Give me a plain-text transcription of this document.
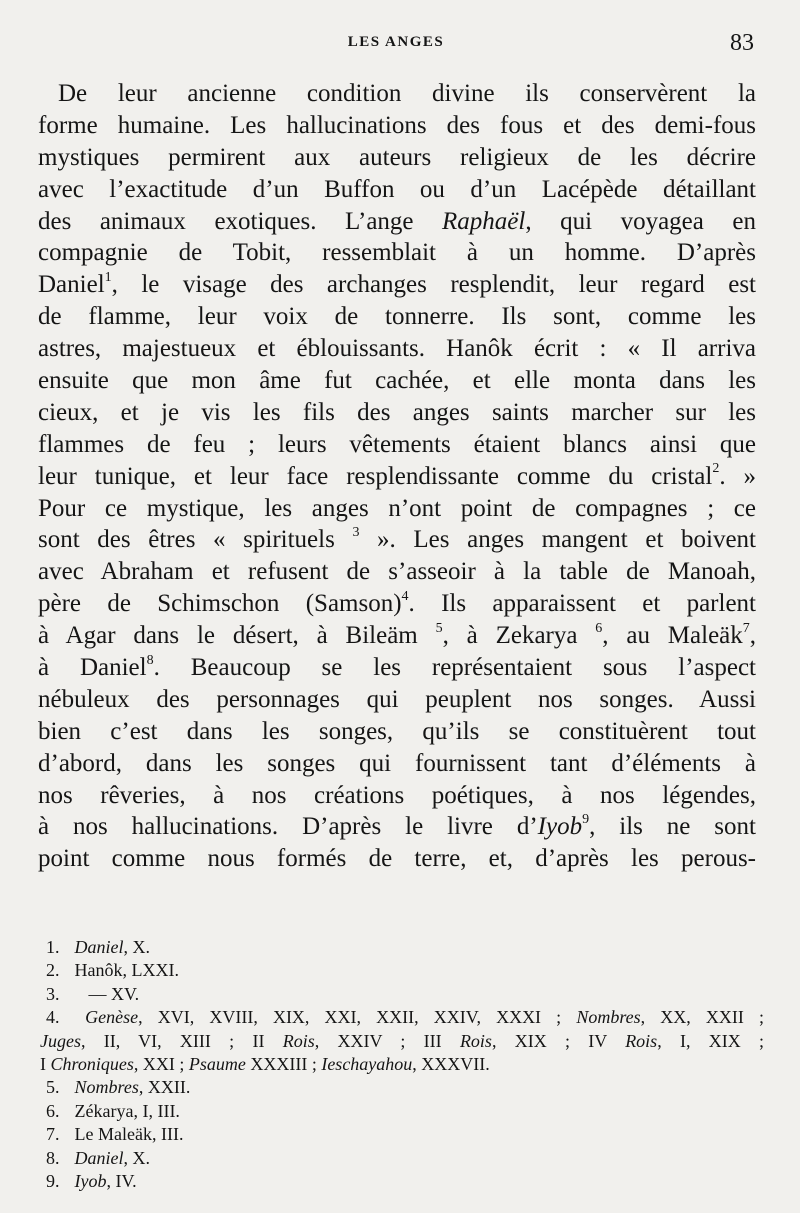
LES ANGES	83
De leur ancienne condition divine ils conservèrent la
forme humaine. Les hallucinations des fous et des demi-fous
mystiques permirent aux auteurs religieux de les décrire
avec l’exactitude d’un Buffon ou d’un Lacépède détaillant
des animaux exotiques. L’ange Raphaël, qui voyagea en
compagnie de Tobit, ressemblait à un homme. D’après
Daniel$^1$, le visage des archanges resplendit, leur regard est
de flamme, leur voix de tonnerre. Ils sont, comme les
astres, majestueux et éblouissants. Hanôk écrit : « Il arriva
ensuite que mon âme fut cachée, et elle monta dans les
cieux, et je vis les fils des anges saints marcher sur les
flammes de feu ; leurs vêtements étaient blancs ainsi que
leur tunique, et leur face resplendissante comme du cristal$^2$. »
Pour ce mystique, les anges n’ont point de compagnes ; ce
sont des êtres « spirituels $^3$ ». Les anges mangent et boivent
avec Abraham et refusent de s’asseoir à la table de Manoah,
père de Schimschon (Samson)$^4$. Ils apparaissent et parlent
à Agar dans le désert, à Bileäm $^5$, à Zekarya $^6$, au Maleäk$^7$,
à Daniel$^8$. Beaucoup se les représentaient sous l’aspect
nébuleux des personnages qui peuplent nos songes. Aussi
bien c’est dans les songes, qu’ils se constituèrent tout
d’abord, dans les songes qui fournissent tant d’éléments à
nos rêveries, à nos créations poétiques, à nos légendes,
à nos hallucinations. D’après le livre d’Iyob$^9$, ils ne sont
point comme nous formés de terre, et, d’après les perous-
1. Daniel, X.
2. Hanôk, LXXI.
3. — XV.
4. Genèse, XVI, XVIII, XIX, XXI, XXII, XXIV, XXXI ; Nombres, XX, XXII ;
Juges, II, VI, XIII ; II Rois, XXIV ; III Rois, XIX ; IV Rois, I, XIX ;
I Chroniques, XXI ; Psaume XXXIII ; Ieschayahou, XXXVII.
5. Nombres, XXII.
6. Zékarya, I, III.
7. Le Maleäk, III.
8. Daniel, X.
9. Iyob, IV.
